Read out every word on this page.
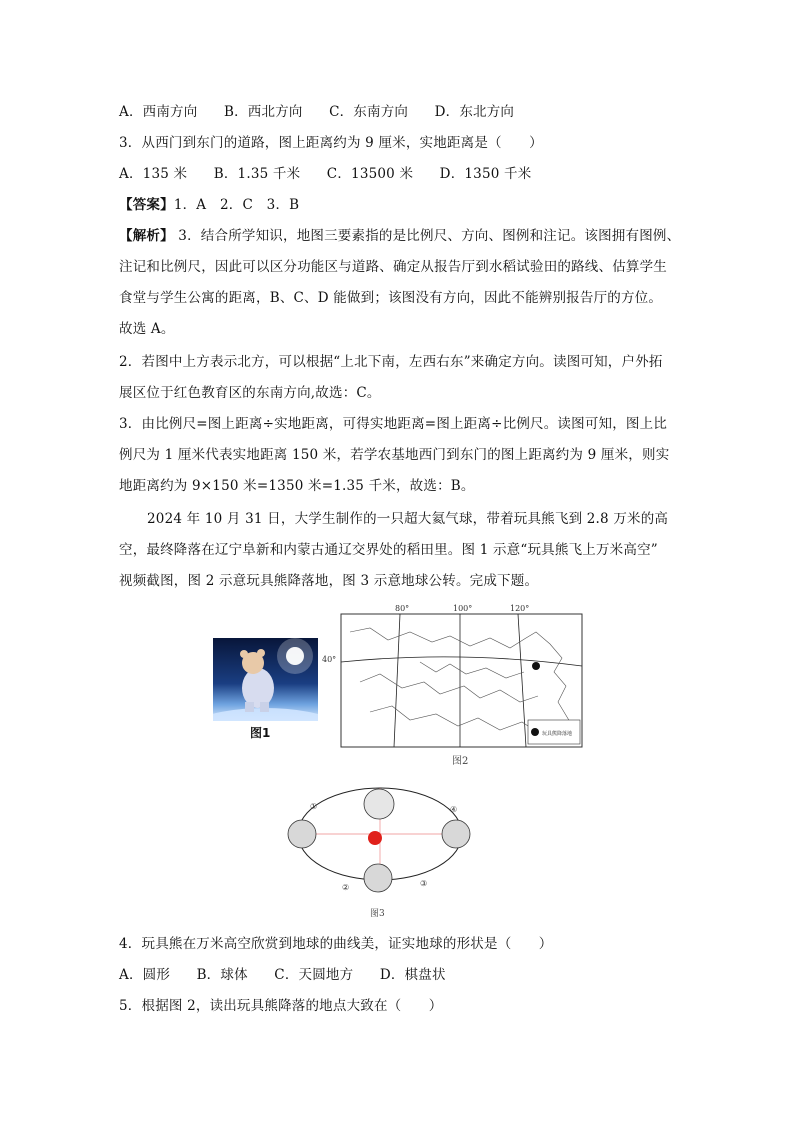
A．西南方向 B．西北方向 C．东南方向 D．东北方向
3．从西门到东门的道路，图上距离约为 9 厘米，实地距离是（　　）
A．135 米 B．1.35 千米 C．13500 米 D．1350 千米
【答案】1．A　2．C　3．B
【解析】 3．结合所学知识，地图三要素指的是比例尺、方向、图例和注记。该图拥有图例、
注记和比例尺，因此可以区分功能区与道路、确定从报告厅到水稻试验田的路线、估算学生
食堂与学生公寓的距离，B、C、D 能做到；该图没有方向，因此不能辨别报告厅的方位。
故选 A。
2．若图中上方表示北方，可以根据“上北下南，左西右东”来确定方向。读图可知，户外拓
展区位于红色教育区的东南方向,故选：C。
3．由比例尺=图上距离÷实地距离，可得实地距离=图上距离÷比例尺。读图可知，图上比
例尺为 1 厘米代表实地距离 150 米，若学农基地西门到东门的图上距离约为 9 厘米，则实
地距离约为 9×150 米=1350 米=1.35 千米，故选：B。
2024 年 10 月 31 日，大学生制作的一只超大氦气球，带着玩具熊飞到 2.8 万米的高
空，最终降落在辽宁阜新和内蒙古通辽交界处的稻田里。图 1 示意“玩具熊飞上万米高空”
视频截图，图 2 示意玩具熊降落地，图 3 示意地球公转。完成下题。
图1
80°	100°	120°
玩具熊降落地
40°
图2
①
②	③
④
图3
4．玩具熊在万米高空欣赏到地球的曲线美，证实地球的形状是（　　）
A．圆形 B．球体 C．天圆地方 D．棋盘状
5．根据图 2，读出玩具熊降落的地点大致在（　　）
